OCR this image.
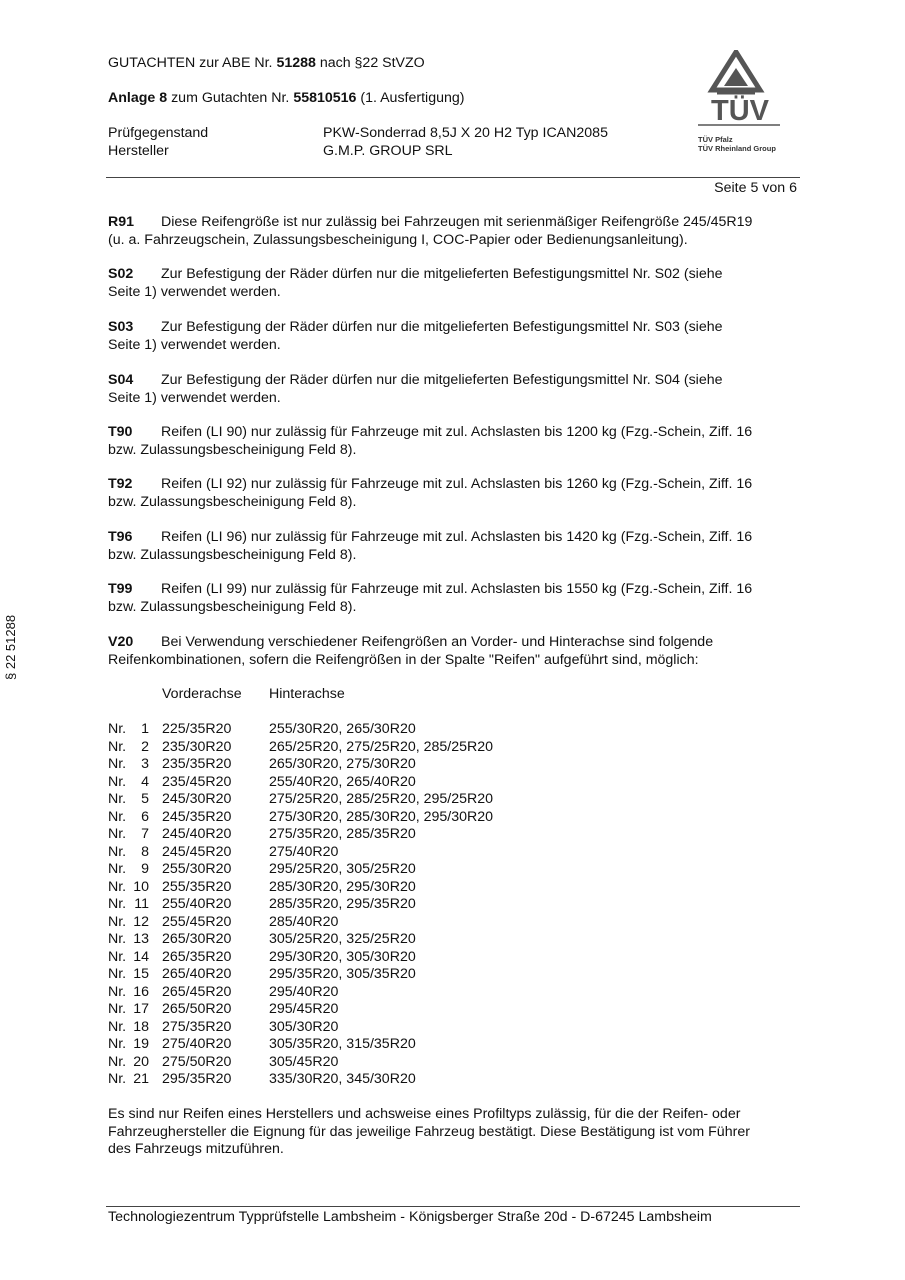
GUTACHTEN zur ABE Nr. 51288 nach §22 StVZO
Anlage 8 zum Gutachten Nr. 55810516 (1. Ausfertigung)
Prüfgegenstand	PKW-Sonderrad 8,5J X 20 H2 Typ ICAN2085
Hersteller	G.M.P. GROUP SRL
TÜV
TÜV Pfalz
TÜV Rheinland Group
Seite 5 von 6
§ 22 51288
R91 Diese Reifengröße ist nur zulässig bei Fahrzeugen mit serienmäßiger Reifengröße 245/45R19
(u. a. Fahrzeugschein, Zulassungsbescheinigung I, COC-Papier oder Bedienungsanleitung).
S02 Zur Befestigung der Räder dürfen nur die mitgelieferten Befestigungsmittel Nr. S02 (siehe
Seite 1) verwendet werden.
S03 Zur Befestigung der Räder dürfen nur die mitgelieferten Befestigungsmittel Nr. S03 (siehe
Seite 1) verwendet werden.
S04 Zur Befestigung der Räder dürfen nur die mitgelieferten Befestigungsmittel Nr. S04 (siehe
Seite 1) verwendet werden.
T90 Reifen (LI 90) nur zulässig für Fahrzeuge mit zul. Achslasten bis 1200 kg (Fzg.-Schein, Ziff. 16
bzw. Zulassungsbescheinigung Feld 8).
T92 Reifen (LI 92) nur zulässig für Fahrzeuge mit zul. Achslasten bis 1260 kg (Fzg.-Schein, Ziff. 16
bzw. Zulassungsbescheinigung Feld 8).
T96 Reifen (LI 96) nur zulässig für Fahrzeuge mit zul. Achslasten bis 1420 kg (Fzg.-Schein, Ziff. 16
bzw. Zulassungsbescheinigung Feld 8).
T99 Reifen (LI 99) nur zulässig für Fahrzeuge mit zul. Achslasten bis 1550 kg (Fzg.-Schein, Ziff. 16
bzw. Zulassungsbescheinigung Feld 8).
V20 Bei Verwendung verschiedener Reifengrößen an Vorder- und Hinterachse sind folgende
Reifenkombinationen, sofern die Reifengrößen in der Spalte "Reifen" aufgeführt sind, möglich:
Vorderachse Hinterachse
Nr.	1 225/35R20	255/30R20, 265/30R20
Nr.	2 235/30R20	265/25R20, 275/25R20, 285/25R20
Nr.	3 235/35R20	265/30R20, 275/30R20
Nr.	4 235/45R20	255/40R20, 265/40R20
Nr.	5 245/30R20	275/25R20, 285/25R20, 295/25R20
Nr.	6 245/35R20	275/30R20, 285/30R20, 295/30R20
Nr.	7 245/40R20	275/35R20, 285/35R20
Nr.	8 245/45R20	275/40R20
Nr.	9 255/30R20	295/25R20, 305/25R20
Nr. 10 255/35R20	285/30R20, 295/30R20
Nr. 11 255/40R20	285/35R20, 295/35R20
Nr. 12 255/45R20	285/40R20
Nr. 13 265/30R20	305/25R20, 325/25R20
Nr. 14 265/35R20	295/30R20, 305/30R20
Nr. 15 265/40R20	295/35R20, 305/35R20
Nr. 16 265/45R20	295/40R20
Nr. 17 265/50R20	295/45R20
Nr. 18 275/35R20	305/30R20
Nr. 19 275/40R20	305/35R20, 315/35R20
Nr. 20 275/50R20	305/45R20
Nr. 21 295/35R20	335/30R20, 345/30R20
Es sind nur Reifen eines Herstellers und achsweise eines Profiltyps zulässig, für die der Reifen- oder
Fahrzeughersteller die Eignung für das jeweilige Fahrzeug bestätigt. Diese Bestätigung ist vom Führer
des Fahrzeugs mitzuführen.
Technologiezentrum Typprüfstelle Lambsheim - Königsberger Straße 20d - D-67245 Lambsheim
